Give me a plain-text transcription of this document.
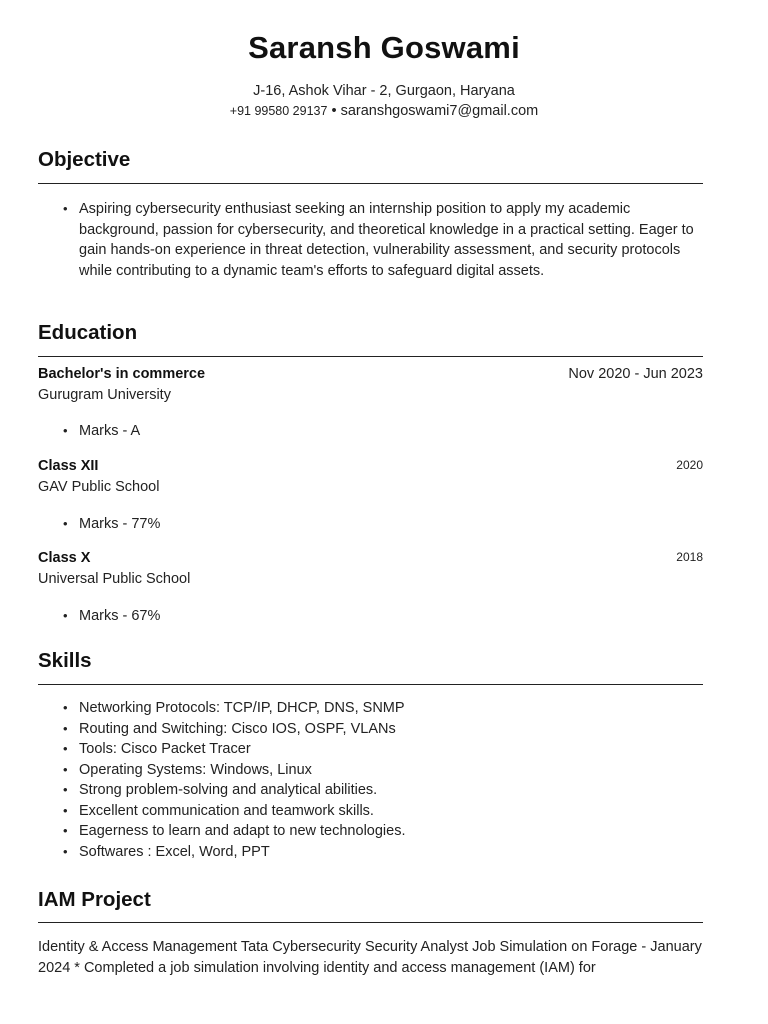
Saransh Goswami
J-16, Ashok Vihar - 2, Gurgaon, Haryana
+91 99580 29137 • saranshgoswami7@gmail.com
Objective
• Aspiring cybersecurity enthusiast seeking an internship position to apply my academic background, passion for cybersecurity, and theoretical knowledge in a practical setting. Eager to gain hands-on experience in threat detection, vulnerability assessment, and security protocols while contributing to a dynamic team's efforts to safeguard digital assets.
Education
Bachelor's in commerce	Nov 2020 - Jun 2023
Gurugram University
• Marks - A
Class XII	2020
GAV Public School
• Marks - 77%
Class X	2018
Universal Public School
• Marks - 67%
Skills
• Networking Protocols: TCP/IP, DHCP, DNS, SNMP
• Routing and Switching: Cisco IOS, OSPF, VLANs
• Tools: Cisco Packet Tracer
• Operating Systems: Windows, Linux
• Strong problem-solving and analytical abilities.
• Excellent communication and teamwork skills.
• Eagerness to learn and adapt to new technologies.
• Softwares : Excel, Word, PPT
IAM Project
Identity & Access Management Tata Cybersecurity Security Analyst Job Simulation on Forage - January 2024 * Completed a job simulation involving identity and access management (IAM) for
